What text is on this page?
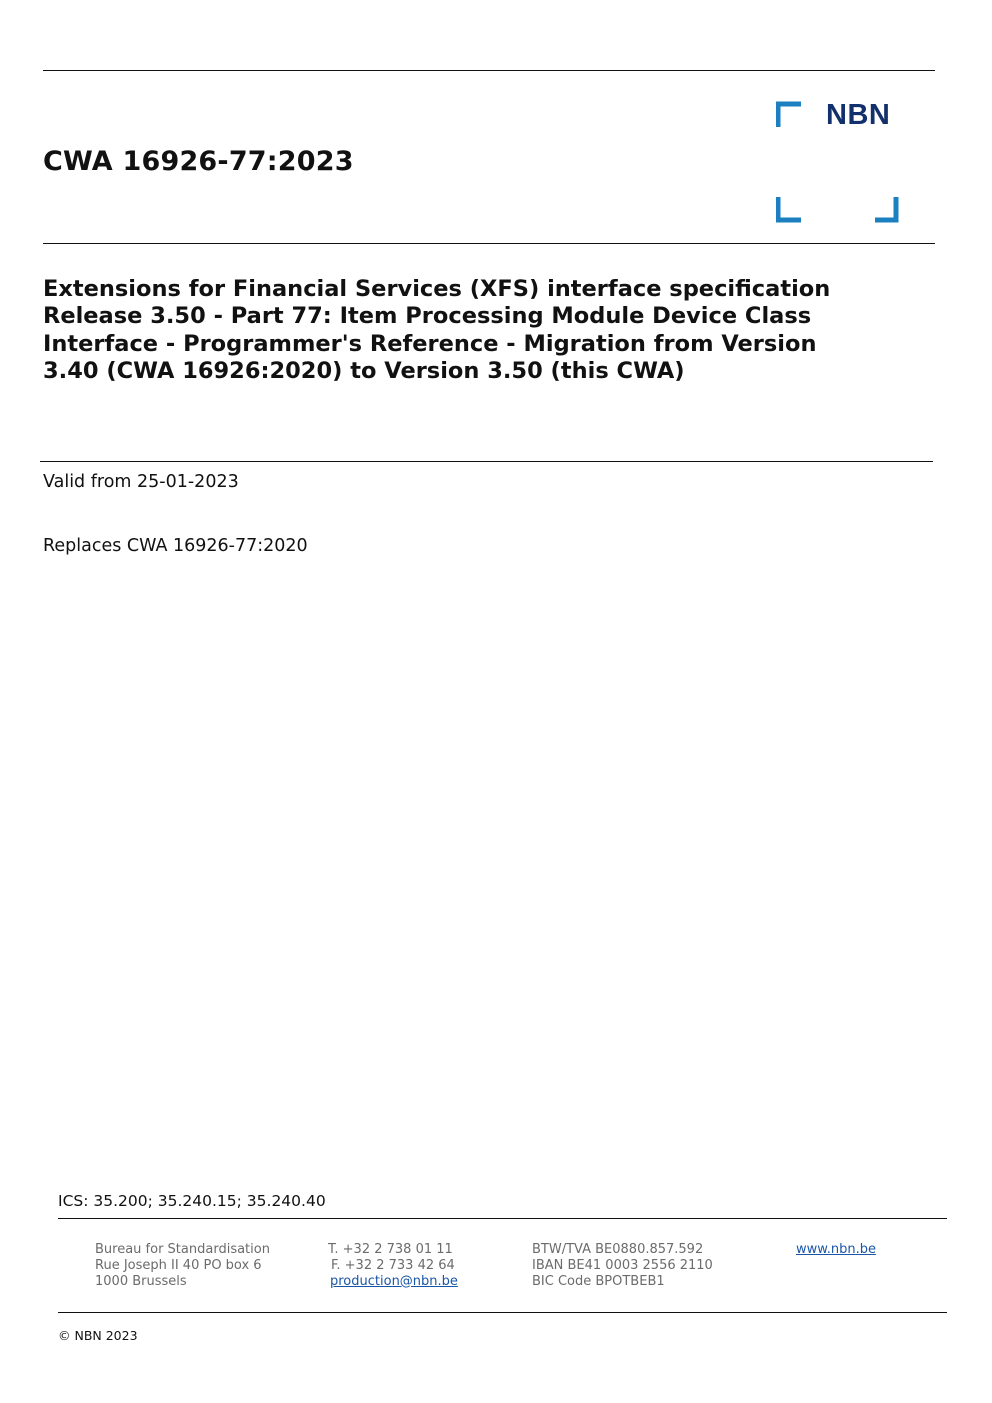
CWA 16926-77:2023
NBN
Extensions for Financial Services (XFS) interface specification
Release 3.50 - Part 77: Item Processing Module Device Class
Interface - Programmer's Reference - Migration from Version
3.40 (CWA 16926:2020) to Version 3.50 (this CWA)
Valid from 25-01-2023
Replaces CWA 16926-77:2020
ICS: 35.200; 35.240.15; 35.240.40
Bureau for Standardisation
Rue Joseph II 40 PO box 6
1000 Brussels
T. +32 2 738 01 11
F. +32 2 733 42 64
production@nbn.be
BTW/TVA BE0880.857.592
IBAN BE41 0003 2556 2110
BIC Code BPOTBEB1
www.nbn.be
© NBN 2023
